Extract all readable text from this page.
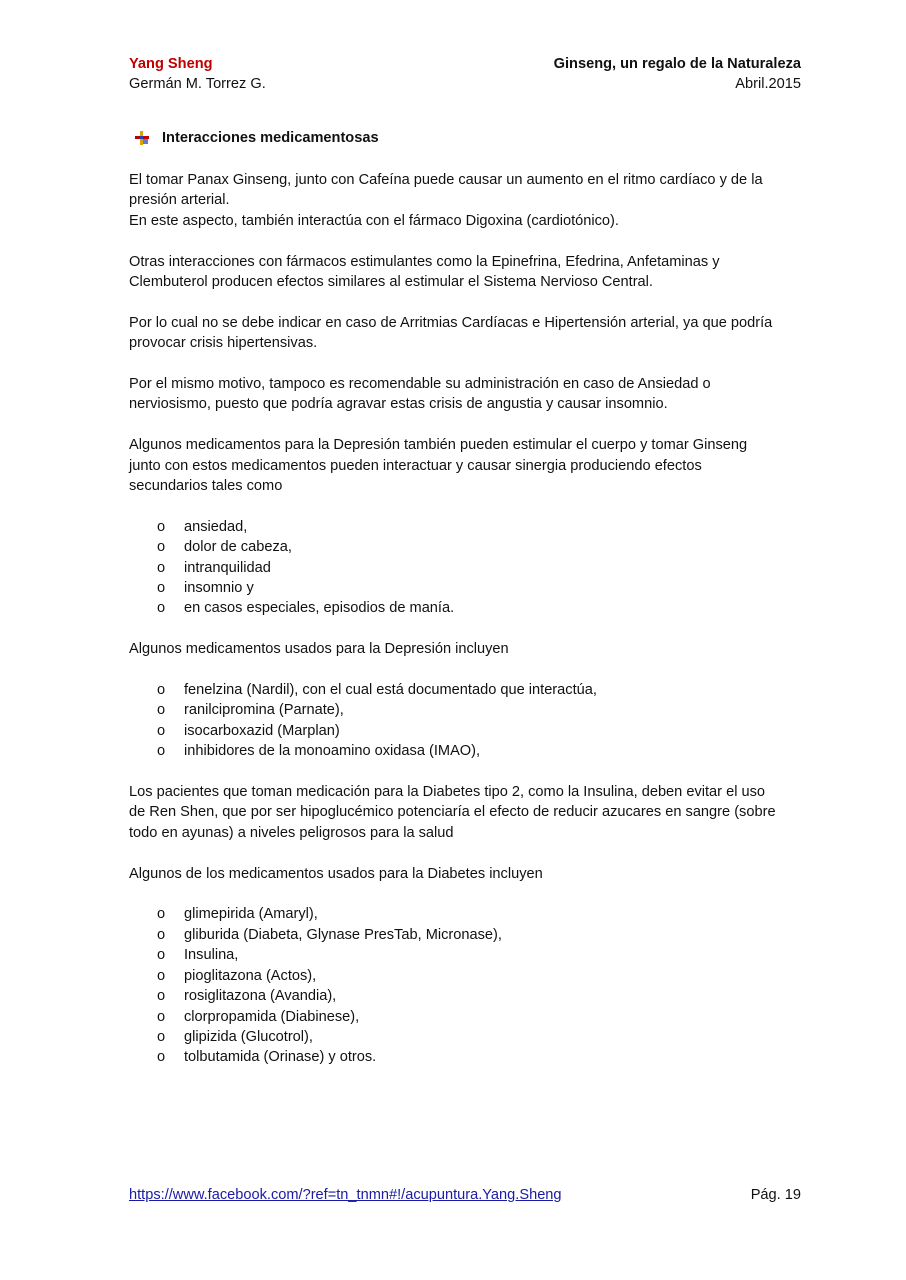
Yang Sheng
Germán M. Torrez G.
Ginseng, un regalo de la Naturaleza
Abril.2015
Interacciones medicamentosas

El tomar Panax Ginseng, junto con Cafeína puede causar un aumento en el ritmo cardíaco y de la presión arterial.
En este aspecto, también interactúa con el fármaco Digoxina (cardiotónico).

Otras interacciones con fármacos estimulantes como la Epinefrina, Efedrina, Anfetaminas y Clembuterol producen efectos similares al estimular el Sistema Nervioso Central.

Por lo cual no se debe indicar en caso de Arritmias Cardíacas e Hipertensión arterial, ya que podría provocar crisis hipertensivas.

Por el mismo motivo, tampoco es recomendable su administración en caso de Ansiedad o nerviosismo, puesto que podría agravar estas crisis de angustia y causar insomnio.

Algunos medicamentos para la Depresión también pueden estimular el cuerpo y tomar Ginseng junto con estos medicamentos pueden interactuar y causar sinergia produciendo efectos secundarios tales como

o ansiedad,
o dolor de cabeza,
o intranquilidad
o insomnio y
o en casos especiales, episodios de manía.

Algunos medicamentos usados para la Depresión incluyen

o fenelzina (Nardil), con el cual está documentado que interactúa,
o ranilcipromina (Parnate),
o isocarboxazid (Marplan)
o inhibidores de la monoamino oxidasa (IMAO),

Los pacientes que toman medicación para la Diabetes tipo 2, como la Insulina, deben evitar el uso de Ren Shen, que por ser hipoglucémico potenciaría el efecto de reducir azucares en sangre (sobre todo en ayunas) a niveles peligrosos para la salud

Algunos de los medicamentos usados para la Diabetes incluyen

o glimepirida (Amaryl),
o gliburida (Diabeta, Glynase PresTab, Micronase),
o Insulina,
o pioglitazona (Actos),
o rosiglitazona (Avandia),
o clorpropamida (Diabinese),
o glipizida (Glucotrol),
o tolbutamida (Orinase) y otros.
https://www.facebook.com/?ref=tn_tnmn#!/acupuntura.Yang.Sheng	Pág. 19
